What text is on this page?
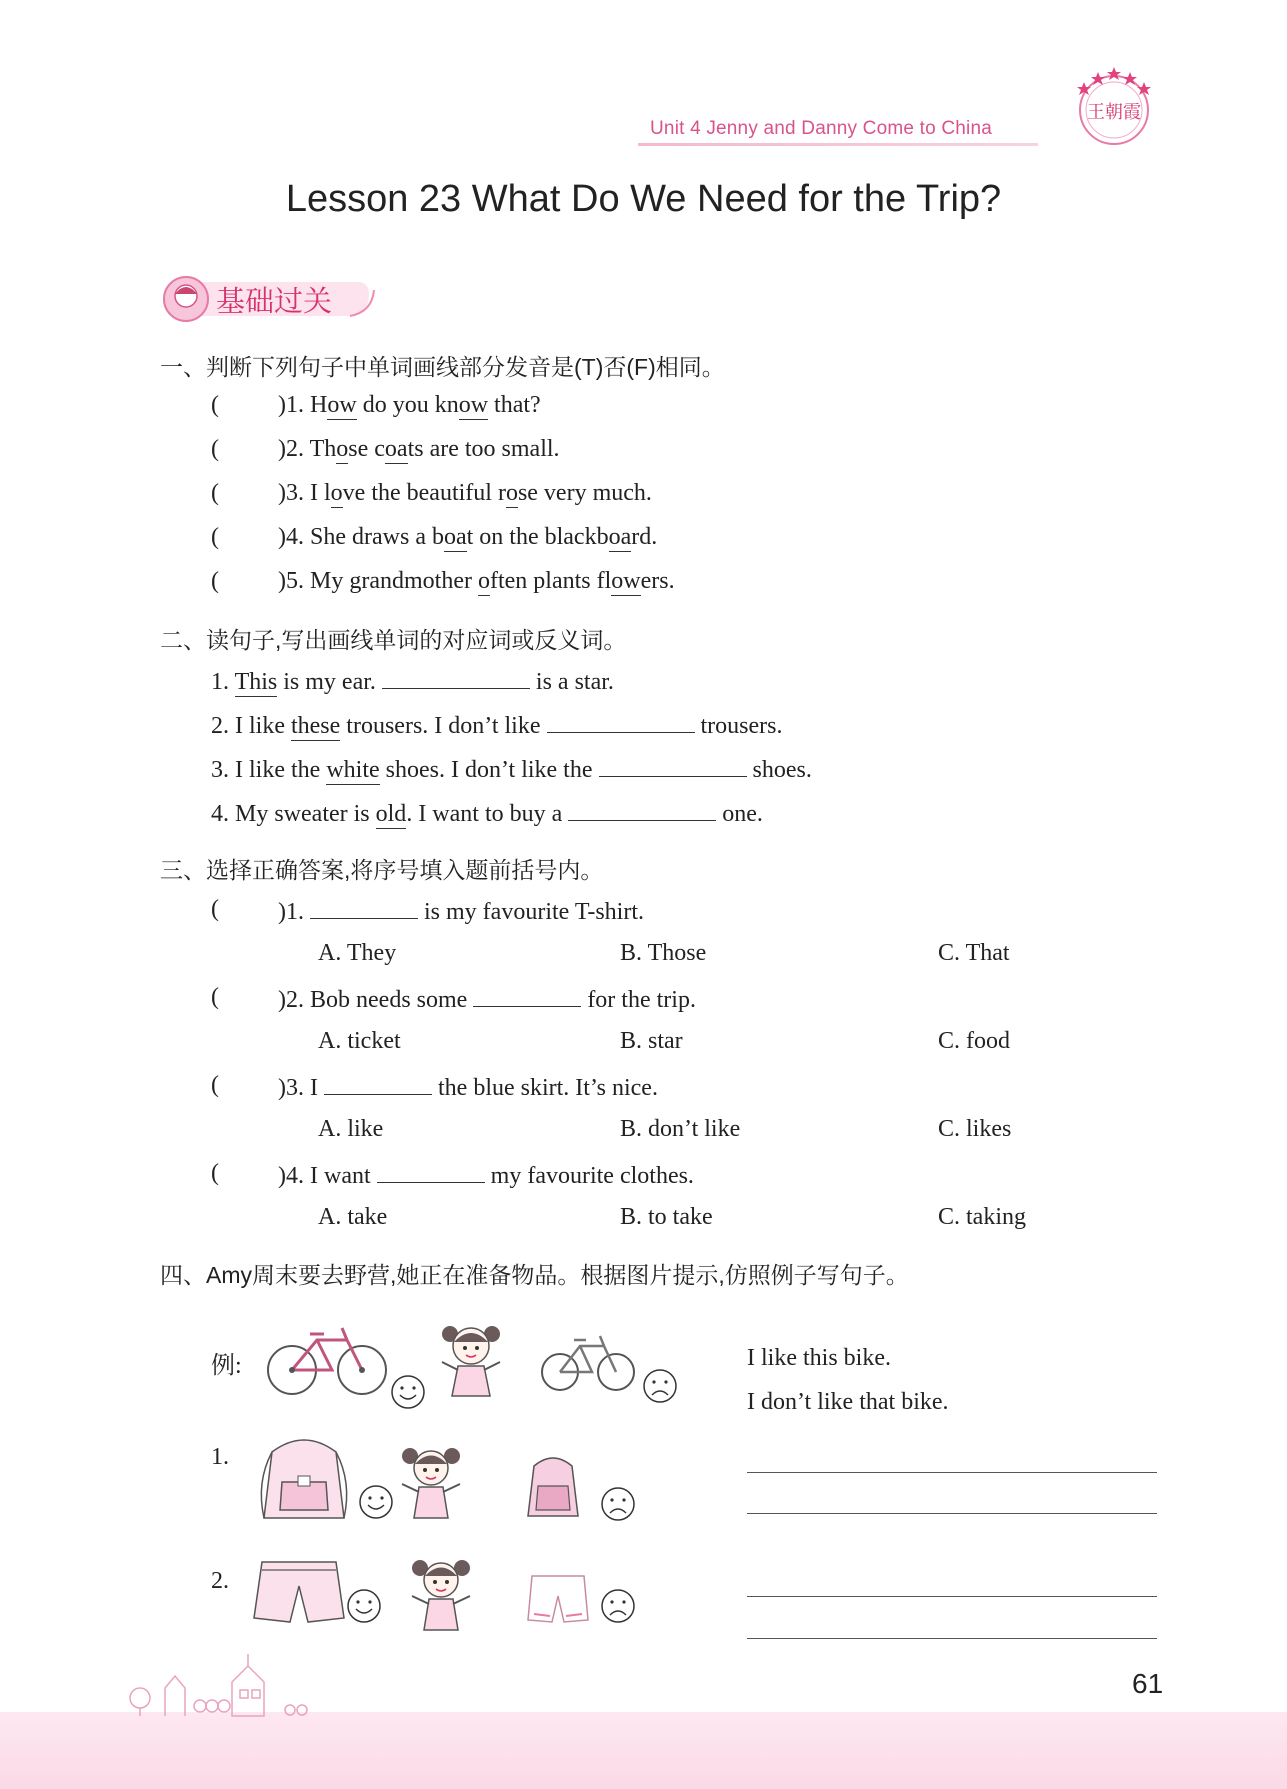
Unit 4 Jenny and Danny Come to China
王朝霞
Lesson 23 What Do We Need for the Trip?
基础过关
一、判断下列句子中单词画线部分发音是(T)否(F)相同。
( )1. How do you know that?
( )2. Those coats are too small.
( )3. I love the beautiful rose very much.
( )4. She draws a boat on the blackboard.
( )5. My grandmother often plants flowers.
二、读句子,写出画线单词的对应词或反义词。
1. This is my ear.	is a star.
2. I like these trousers. I don’t like	trousers.
3. I like the white shoes. I don’t like the	shoes.
4. My sweater is old. I want to buy a	one.
三、选择正确答案,将序号填入题前括号内。
( )1.	is my favourite T-shirt.
A. They	B. Those	C. That
( )2. Bob needs some	for the trip.
A. ticket	B. star	C. food
( )3. I	the blue skirt. It’s nice.
A. like	B. don’t like	C. likes
( )4. I want	my favourite clothes.
A. take	B. to take	C. taking
四、Amy周末要去野营,她正在准备物品。根据图片提示,仿照例子写句子。
例:	I like this bike.
I don’t like that bike.
1.
2.
61
